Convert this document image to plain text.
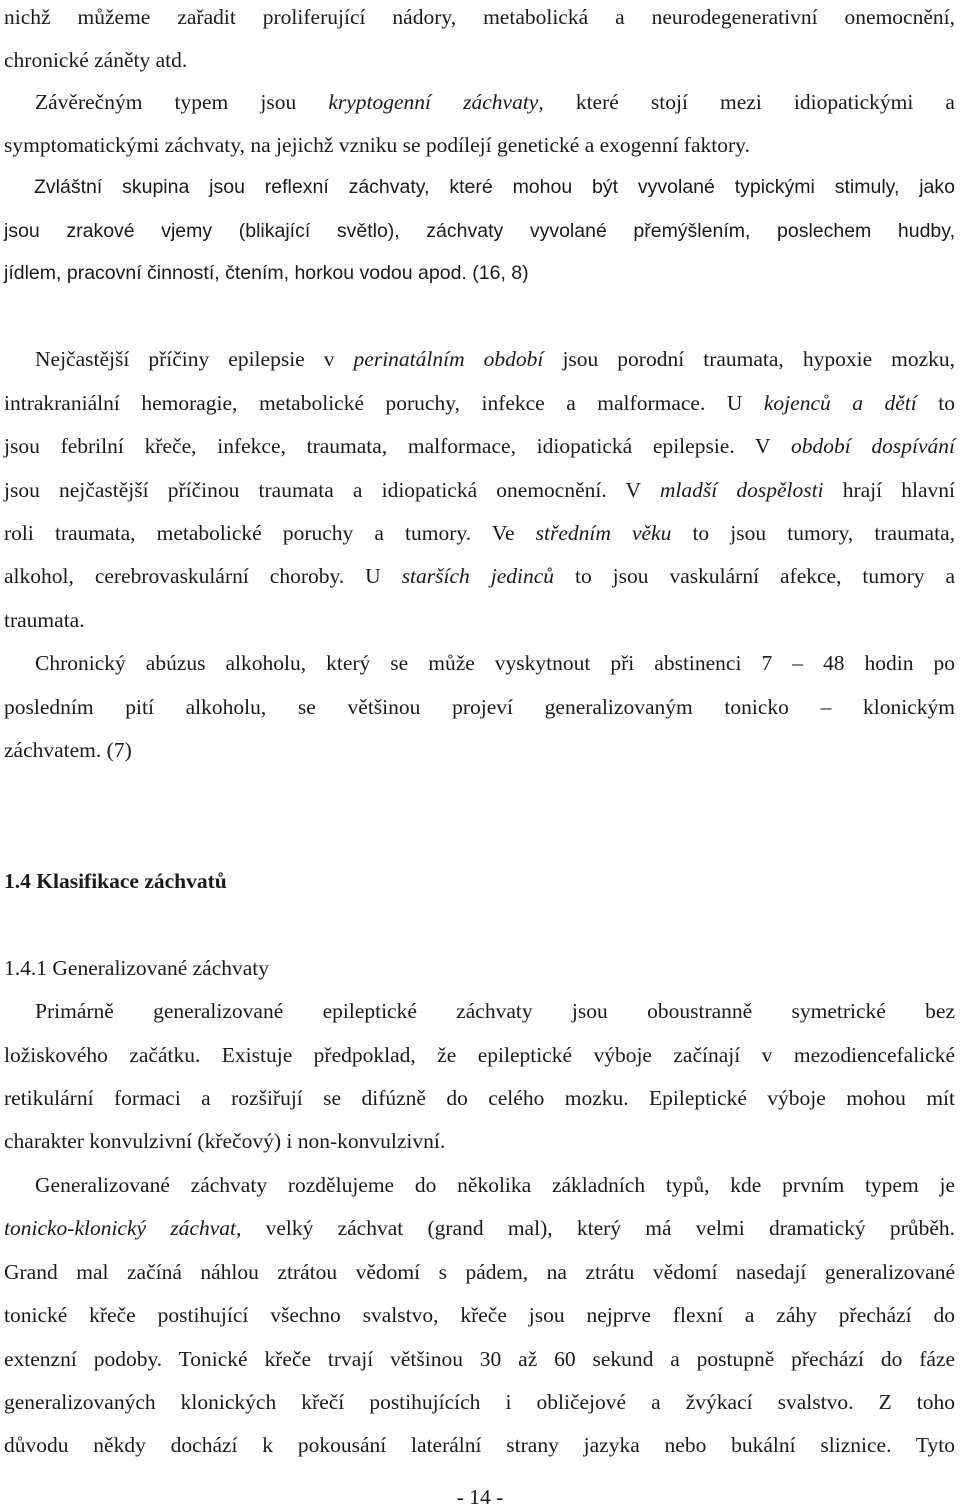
nichž můžeme zařadit proliferující nádory, metabolická a neurodegenerativní onemocnění,
chronické záněty atd.
Závěrečným typem jsou kryptogenní záchvaty, které stojí mezi idiopatickými a
symptomatickými záchvaty, na jejichž vzniku se podílejí genetické a exogenní faktory.
Zvláštní skupina jsou reflexní záchvaty, které mohou být vyvolané typickými stimuly, jako
jsou zrakové vjemy (blikající světlo), záchvaty vyvolané přemýšlením, poslechem hudby,
jídlem, pracovní činností, čtením, horkou vodou apod. (16, 8)
Nejčastější příčiny epilepsie v perinatálním období jsou porodní traumata, hypoxie mozku,
intrakraniální hemoragie, metabolické poruchy, infekce a malformace. U kojenců a dětí to
jsou febrilní křeče, infekce, traumata, malformace, idiopatická epilepsie. V období dospívání
jsou nejčastější příčinou traumata a idiopatická onemocnění. V mladší dospělosti hrají hlavní
roli traumata, metabolické poruchy a tumory. Ve středním věku to jsou tumory, traumata,
alkohol, cerebrovaskulární choroby. U starších jedinců to jsou vaskulární afekce, tumory a
traumata.
Chronický abúzus alkoholu, který se může vyskytnout při abstinenci 7 – 48 hodin po
posledním pití alkoholu, se většinou projeví generalizovaným tonicko – klonickým
záchvatem. (7)
1.4 Klasifikace záchvatů
1.4.1 Generalizované záchvaty
Primárně generalizované epileptické záchvaty jsou oboustranně symetrické bez
ložiskového začátku. Existuje předpoklad, že epileptické výboje začínají v mezodiencefalické
retikulární formaci a rozšiřují se difúzně do celého mozku. Epileptické výboje mohou mít
charakter konvulzivní (křečový) i non-konvulzivní.
Generalizované záchvaty rozdělujeme do několika základních typů, kde prvním typem je
tonicko-klonický záchvat, velký záchvat (grand mal), který má velmi dramatický průběh.
Grand mal začíná náhlou ztrátou vědomí s pádem, na ztrátu vědomí nasedají generalizované
tonické křeče postihující všechno svalstvo, křeče jsou nejprve flexní a záhy přechází do
extenzní podoby. Tonické křeče trvají většinou 30 až 60 sekund a postupně přechází do fáze
generalizovaných klonických křečí postihujících i obličejové a žvýkací svalstvo. Z toho
důvodu někdy dochází k pokousání laterální strany jazyka nebo bukální sliznice. Tyto
- 14 -
